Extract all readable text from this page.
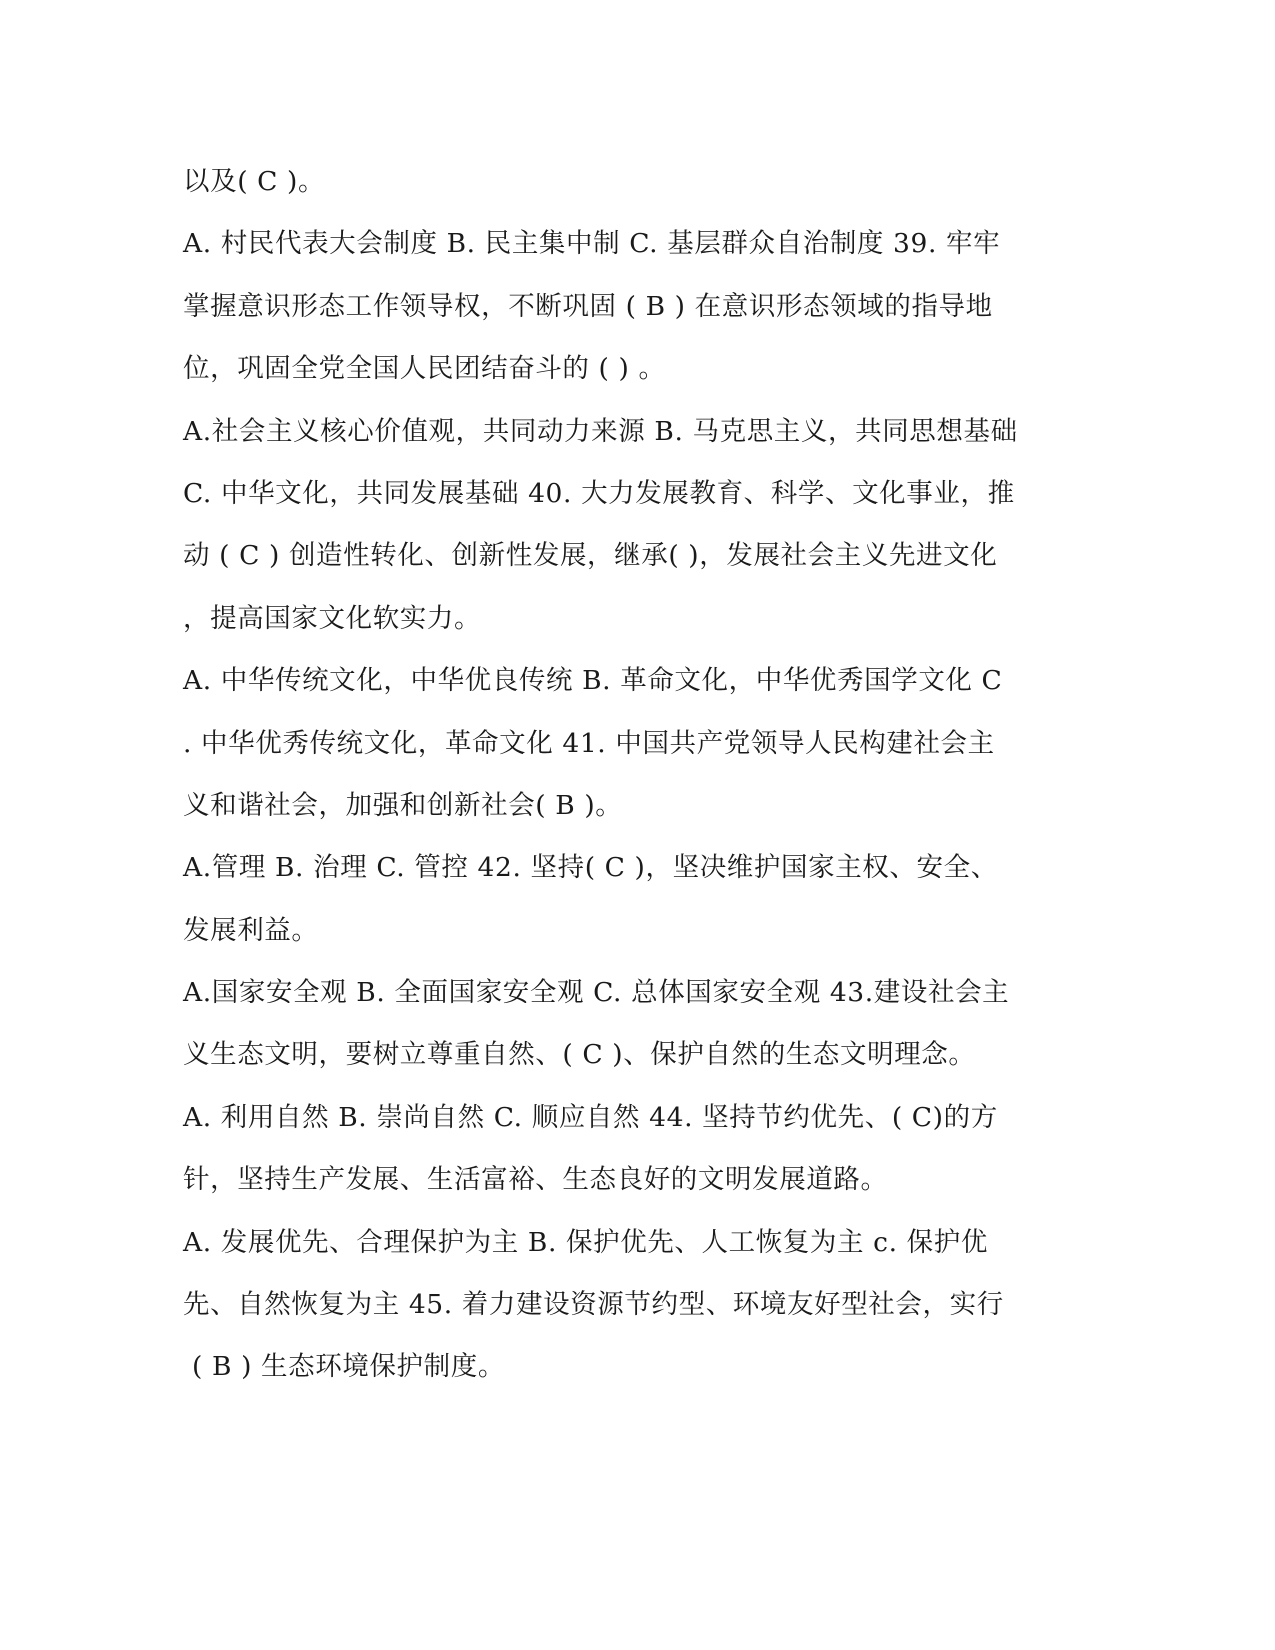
以及( C )。
A. 村民代表大会制度 B. 民主集中制 C. 基层群众自治制度 39. 牢牢
掌握意识形态工作领导权，不断巩固 ( B ) 在意识形态领域的指导地
位，巩固全党全国人民团结奋斗的 ( ) 。
A.社会主义核心价值观，共同动力来源 B. 马克思主义，共同思想基础
C. 中华文化，共同发展基础 40. 大力发展教育、科学、文化事业，推
动 ( C ) 创造性转化、创新性发展，继承( )，发展社会主义先进文化
，提高国家文化软实力。
A. 中华传统文化，中华优良传统 B. 革命文化，中华优秀国学文化 C
. 中华优秀传统文化，革命文化 41. 中国共产党领导人民构建社会主
义和谐社会，加强和创新社会( B )。
A.管理 B. 治理 C. 管控 42. 坚持( C )，坚决维护国家主权、安全、
发展利益。
A.国家安全观 B. 全面国家安全观 C. 总体国家安全观 43.建设社会主
义生态文明，要树立尊重自然、( C )、保护自然的生态文明理念。
A. 利用自然 B. 崇尚自然 C. 顺应自然 44. 坚持节约优先、( C)的方
针，坚持生产发展、生活富裕、生态良好的文明发展道路。
A. 发展优先、合理保护为主 B. 保护优先、人工恢复为主 c. 保护优
先、自然恢复为主 45. 着力建设资源节约型、环境友好型社会，实行
( B ) 生态环境保护制度。
